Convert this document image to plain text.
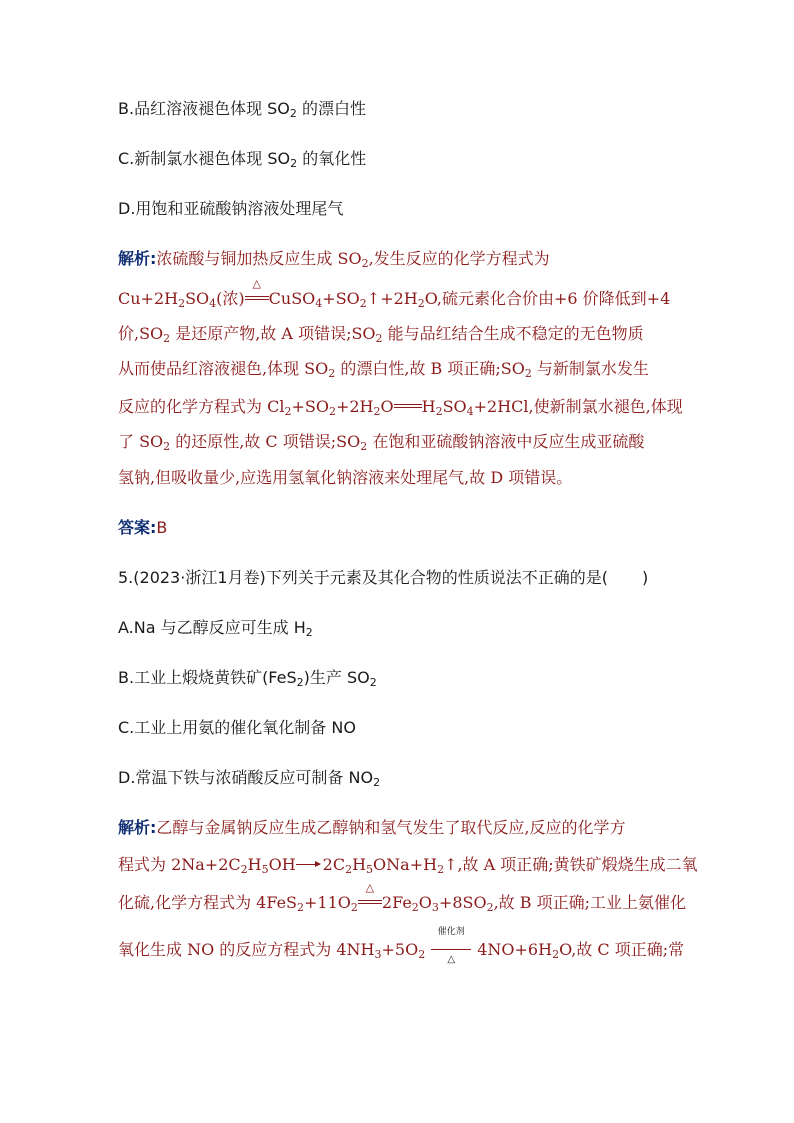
B.品红溶液褪色体现 $SO_2$ 的漂白性
C.新制氯水褪色体现 $SO_2$ 的氧化性
D.用饱和亚硫酸钠溶液处理尾气
解析:浓硫酸与铜加热反应生成 $SO_2$,发生反应的化学方程式为
$Cu+2H_2SO_4$(浓)
△
$CuSO_4+SO_2↑+2H_2O$,硫元素化合价由+6 价降低到+4
价$,SO_2$ 是还原产物,故 A 项错误$;SO_2$ 能与品红结合生成不稳定的无色物质
从而使品红溶液褪色,体现 $SO_2$ 的漂白性,故 B 项正确$;SO_2$ 与新制氯水发生
反应的化学方程式为 $Cl_2+SO_2+2H_2O$ $H_2SO_4+2HCl$,使新制氯水褪色,体现
了 $SO_2$ 的还原性,故 C 项错误$;SO_2$ 在饱和亚硫酸钠溶液中反应生成亚硫酸
氢钠,但吸收量少,应选用氢氧化钠溶液来处理尾气,故 D 项错误。
答案:B
5.(2023·浙江1月卷)下列关于元素及其化合物的性质说法不正确的是( )
A.Na 与乙醇反应可生成 $H_2$
B.工业上煅烧黄铁矿(FeS$_2$)生产 $SO_2$
C.工业上用氨的催化氧化制备 NO
D.常温下铁与浓硝酸反应可制备 $NO_2$
解析:乙醇与金属钠反应生成乙醇钠和氢气发生了取代反应,反应的化学方
程式为 $2Na+2C_2H_5OH$ $2C_2H_5ONa+H_2↑$,故 A 项正确;黄铁矿煅烧生成二氧
化硫,化学方程式为 $4FeS_2+11O_2$
△
$2Fe_2O_3+8SO_2$,故 B 项正确;工业上氨催化
氧化生成 NO 的反应方程式为 $4NH_3+5O_2$
催化剂
△
$4NO+6H_2O$,故 C 项正确;常
